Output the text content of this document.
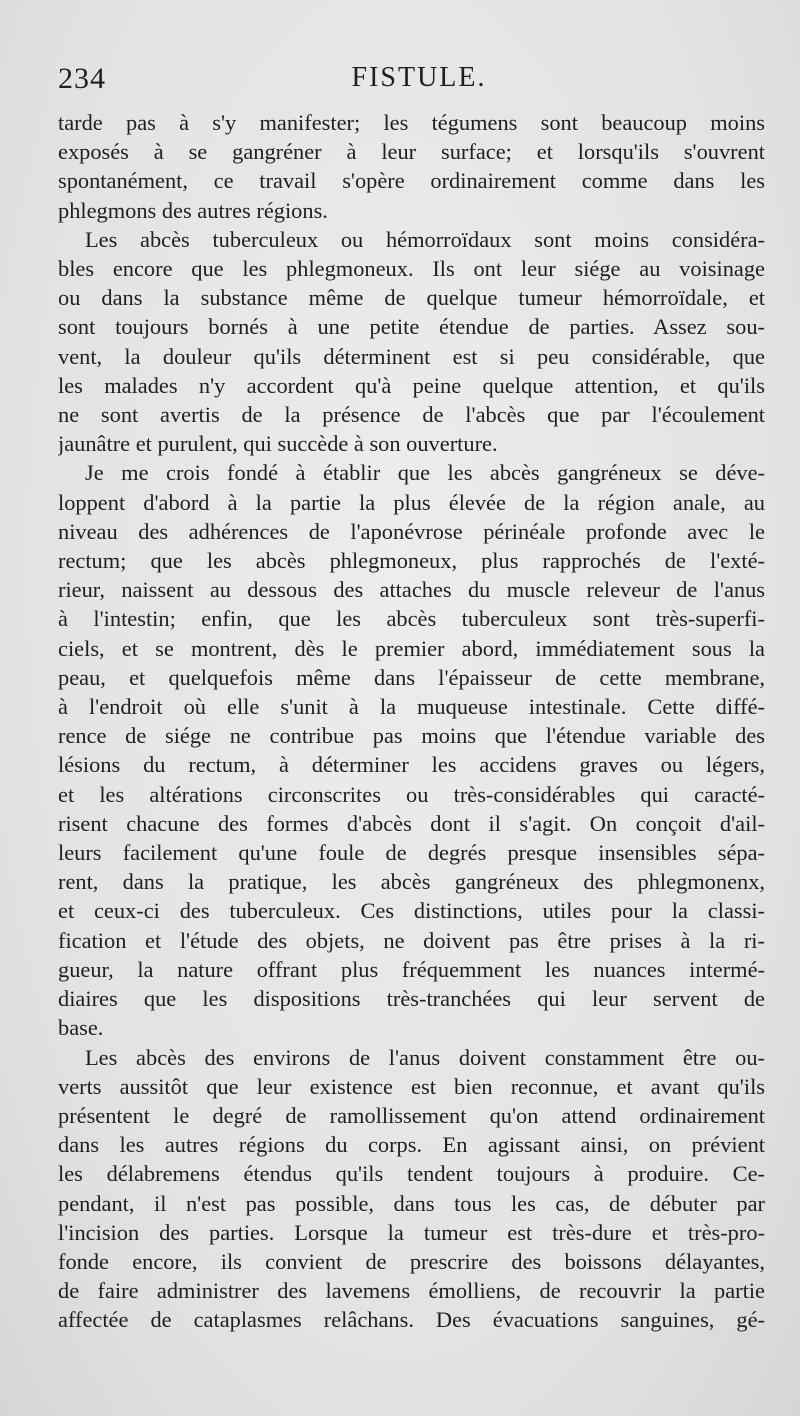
234	FISTULE.
tarde pas à s'y manifester; les tégumens sont beaucoup moins
exposés à se gangréner à leur surface; et lorsqu'ils s'ouvrent
spontanément, ce travail s'opère ordinairement comme dans les
phlegmons des autres régions.
Les abcès tuberculeux ou hémorroïdaux sont moins considéra-
bles encore que les phlegmoneux. Ils ont leur siége au voisinage
ou dans la substance même de quelque tumeur hémorroïdale, et
sont toujours bornés à une petite étendue de parties. Assez sou-
vent, la douleur qu'ils déterminent est si peu considérable, que
les malades n'y accordent qu'à peine quelque attention, et qu'ils
ne sont avertis de la présence de l'abcès que par l'écoulement
jaunâtre et purulent, qui succède à son ouverture.
Je me crois fondé à établir que les abcès gangréneux se déve-
loppent d'abord à la partie la plus élevée de la région anale, au
niveau des adhérences de l'aponévrose périnéale profonde avec le
rectum; que les abcès phlegmoneux, plus rapprochés de l'exté-
rieur, naissent au dessous des attaches du muscle releveur de l'anus
à l'intestin; enfin, que les abcès tuberculeux sont très-superfi-
ciels, et se montrent, dès le premier abord, immédiatement sous la
peau, et quelquefois même dans l'épaisseur de cette membrane,
à l'endroit où elle s'unit à la muqueuse intestinale. Cette diffé-
rence de siége ne contribue pas moins que l'étendue variable des
lésions du rectum, à déterminer les accidens graves ou légers,
et les altérations circonscrites ou très-considérables qui caracté-
risent chacune des formes d'abcès dont il s'agit. On conçoit d'ail-
leurs facilement qu'une foule de degrés presque insensibles sépa-
rent, dans la pratique, les abcès gangréneux des phlegmonenx,
et ceux-ci des tuberculeux. Ces distinctions, utiles pour la classi-
fication et l'étude des objets, ne doivent pas être prises à la ri-
gueur, la nature offrant plus fréquemment les nuances intermé-
diaires que les dispositions très-tranchées qui leur servent de
base.
Les abcès des environs de l'anus doivent constamment être ou-
verts aussitôt que leur existence est bien reconnue, et avant qu'ils
présentent le degré de ramollissement qu'on attend ordinairement
dans les autres régions du corps. En agissant ainsi, on prévient
les délabremens étendus qu'ils tendent toujours à produire. Ce-
pendant, il n'est pas possible, dans tous les cas, de débuter par
l'incision des parties. Lorsque la tumeur est très-dure et très-pro-
fonde encore, ils convient de prescrire des boissons délayantes,
de faire administrer des lavemens émolliens, de recouvrir la partie
affectée de cataplasmes relâchans. Des évacuations sanguines, gé-
